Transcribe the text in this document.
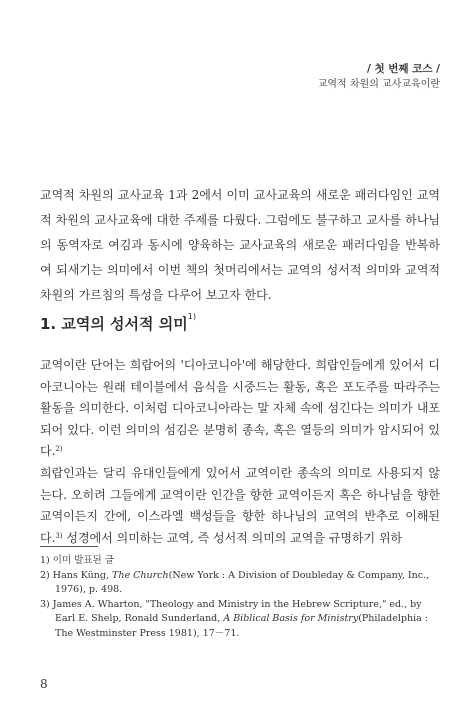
/ 첫 번째 코스 /
교역적 차원의 교사교육이란

교역적 차원의 교사교육 1과 2에서 이미 교사교육의 새로운 패러다임인 교역적 차원의 교사교육에 대한 주제를 다뤘다. 그럼에도 불구하고 교사를 하나님의 동역자로 여김과 동시에 양육하는 교사교육의 새로운 패러다임을 반복하여 되새기는 의미에서 이번 책의 첫머리에서는 교역의 성서적 의미와 교역적 차원의 가르침의 특성을 다루어 보고자 한다.

1. 교역의 성서적 의미$^{1)}$

교역이란 단어는 희랍어의 '디아코니아'에 해당한다. 희랍인들에게 있어서 디아코니아는 원래 테이블에서 음식을 시중드는 활동, 혹은 포도주를 따라주는 활동을 의미한다. 이처럼 디아코니아라는 말 자체 속에 섬긴다는 의미가 내포되어 있다. 이런 의미의 섬김은 분명히 종속, 혹은 열등의 의미가 암시되어 있다.$^{2)}$

희랍인과는 달리 유대인들에게 있어서 교역이란 종속의 의미로 사용되지 않는다. 오히려 그들에게 교역이란 인간을 향한 교역이든지 혹은 하나님을 향한 교역이든지 간에, 이스라엘 백성들을 향한 하나님의 교역의 반추로 이해된다.$^{3)}$ 성경에서 의미하는 교역, 즉 성서적 의미의 교역을 규명하기 위하

1) 이미 발표된 글

2) Hans Küng, The Church(New York : A Division of Doubleday & Company, Inc., 1976), p. 498.

3) James A. Wharton, "Theology and Ministry in the Hebrew Scripture," ed., by Earl E. Shelp, Ronald Sunderland, A Biblical Basis for Ministry(Philadelphia : The Westminster Press 1981), 17－71.

8
